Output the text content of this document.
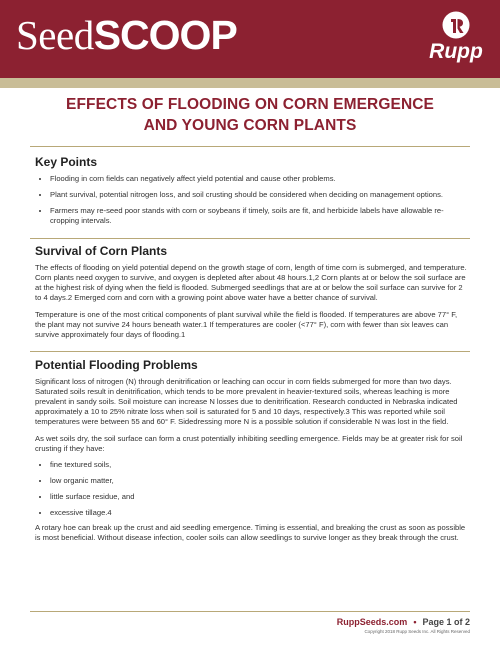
SeedSCOOP	Rupp
EFFECTS OF FLOODING ON CORN EMERGENCE
AND YOUNG CORN PLANTS
Key Points
• Flooding in corn fields can negatively affect yield potential and cause other problems.
• Plant survival, potential nitrogen loss, and soil crusting should be considered when deciding on management options.
• Farmers may re-seed poor stands with corn or soybeans if timely, soils are fit, and herbicide labels have allowable re-cropping intervals.
Survival of Corn Plants

The effects of flooding on yield potential depend on the growth stage of corn, length of time corn is submerged, and temperature. Corn plants need oxygen to survive, and oxygen is depleted after about 48 hours.1,2 Corn plants at or below the soil surface are at the highest risk of dying when the field is flooded. Submerged seedlings that are at or below the soil surface can survive for 2 to 4 days.2 Emerged corn and corn with a growing point above water have a better chance of survival.

Temperature is one of the most critical components of plant survival while the field is flooded. If temperatures are above 77° F, the plant may not survive 24 hours beneath water.1 If temperatures are cooler (<77° F), corn with fewer than six leaves can survive approximately four days of flooding.1

Potential Flooding Problems

Significant loss of nitrogen (N) through denitrification or leaching can occur in corn fields submerged for more than two days. Saturated soils result in denitrification, which tends to be more prevalent in heavier-textured soils, whereas leaching is more prevalent in sandy soils. Soil moisture can increase N losses due to denitrification. Research conducted in Nebraska indicated approximately a 10 to 25% nitrate loss when soil is saturated for 5 and 10 days, respectively.3 This was reported while soil temperatures were between 55 and 60° F. Sidedressing more N is a possible solution if considerable N was lost in the field.

As wet soils dry, the soil surface can form a crust potentially inhibiting seedling emergence. Fields may be at greater risk for soil crusting if they have:

• fine textured soils,
• low organic matter,
• little surface residue, and
• excessive tillage.4

A rotary hoe can break up the crust and aid seedling emergence. Timing is essential, and breaking the crust as soon as possible is most beneficial. Without disease infection, cooler soils can allow seedlings to survive longer as they break through the crust.

RuppSeeds.com • Page 1 of 2
Copyright 2018 Rupp Seeds Inc. All Rights Reserved
